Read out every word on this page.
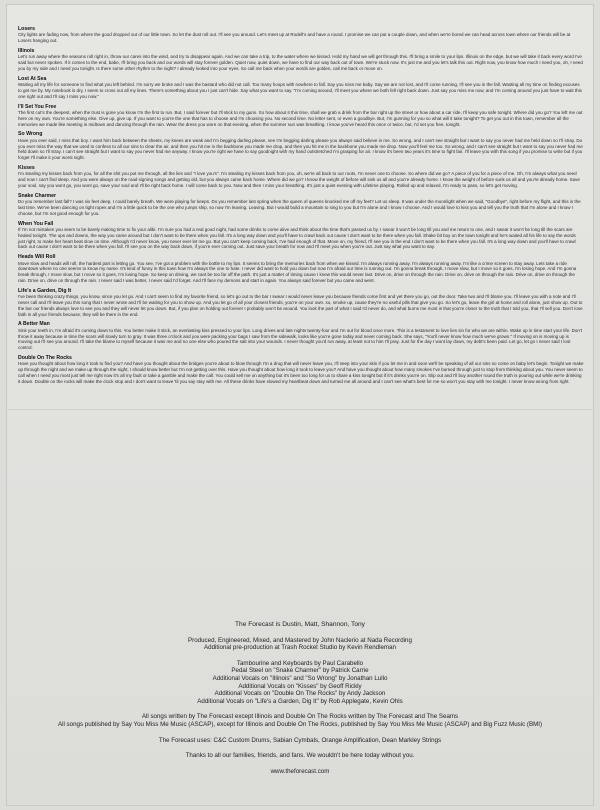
Losers

City lights are fading now, from where the good dropped out of our little town. So let the dust roll out. I'll see you around. Let's meet up at Rodell's and have a round. I promise we can put a couple down, and when we're bored we can head across town where our friends will be at Losers hanging out.

Illinois

Let's run away where the seasons roll right in, throw our cares into the wind, and try to disappear again. And we can take a trip, to the water where we kissed. Hold my hand we will get through this. I'll bring a smile to your lips. Illinois on the edge, but we will take it back every word I've said but never spoken. If it comes to the end, babe, I'll bring you back and our words will stay forever golden. Quiet now, quiet down, we have to find our way back out of town. We're stuck now. It's just me and you let's talk this out. Right now, you know how much I need you, oh, I need you by my side and I need you tonight. Is there some other rhythm to the night? I already looked into your eyes. So call me back when your words are golden, call me back or move on.

Lost At Sea

Waiting all my life for someone to find what you left behind. I'm sorry we broke and I was the bastard who did not call. Too many hoops with nowhere to fall. Say you miss me baby. Say we are not lost, and I'll come running, I'll see you in the fall. Wasting all my time on finding excuses to get me by. My notebook is dry, I seem to cross out all my lines. There's something about you I just can't hide. Say what you want to say. "I'm coming around, I'll meet you where we both fell right back down. Just say you miss me now, and I'm coming around you just have to wait this one right out and I'll say I miss you now."

I'll Set You Free

The first cut's the deepest, when the trust is gone you know I'm the first to run. But, I said forever but I'll stick to my guns. So how about it this time, shall we grab a drink from the bar right up the street or how about a car ride, I'll keep you safe tonight. Where did you go? You left me out here on my own. You're something else. Give up, give up. If you want to you're the one that has to choose and I'm choosing you. No second time. No letter sent, or even a goodbye. But, I'm gunning for you so what will it take tonight? To get you out in this town, remember all the memories we made like meeting in midtown and dancing through the rain. Wear the dress you wore on that evening, when the summer sun was breathing. I know you've heard this once or twice, but, I'd set you free, tonight.

So Wrong

Have you ever said, I miss that boy. I want him back between the sheets, my knees are weak and I'm begging darling please, see I'm begging darling please you always said believe in me. So wrong, and I can't see straight but I want to say you never had me held down so I'll stray. Do you ever miss the way that we used to confess to all our sins to clear the air, and then you hit me in the backbone you made me drop, and then you hit me in the backbone you made me drop. Now you'll feel me too. So wrong, and I can't see straight but I want to say you never had me held down so I'll stray. I can't see straight but I want to say you never had me anyway. I know you're right we have to say goodnight with my hand outstretched I'm grasping for air. I know it's been two years it's time to fight fair. I'll leave you with this song if you promise to write but if you forget I'll make it your worst night.

Kisses

I'm stealing my kisses back from you, for all the shit you put me through, all the lies and "I love you's". I'm stealing my kisses back from you, oh, we're all back to our roots, I'm never one to choose. So where did we go? A piece of you for a piece of me. Oh, I'm always what you need and now I can't find sleep. And you were always on the road signing songs and getting old, but you always came back home. Where did we go? I know the weight of before will sink us all and you're already home. I know the weight of before sunk us all and you're already home. Save your soul, say you wont go, you wont go, save your soul and I'll be right back home. I will come back to you. Now and then I miss your breathing. It's just a quiet evening with Lifetime playing. Rolled up and relaxed, I'm ready to pass, so let's get moving.

Snake Charmer

Do you remember last fall? I was six feet deep, I could barely breath. We were playing for keeps. Do you remember last spring when the queen of queens knocked me off my feet? Let us sleep. It was under the moonlight when we said, "Goodbye", right before my flight, and this is the last time. We've been dancing on tight ropes and I'm a little quick to be the one who jumps ship, so now I'm leaving. Leaving. But I would build a mountain to sing to you but I'm alone and I know I choose. And I would love to kiss you and tell you the truth that I'm alone and I know I choose, but I'm not good enough for you.

When You Fall

If I'm not mistaken you seem to be barely making time to fix your alibi. I'm sure you had a real good night, had some drinks to come alive and think about the time that's passed us by. I swear it won't be long till you and me return to one, and I swear it won't be long till the scars are healed tonight. The ups and downs, the way you came around but I don't want to be there when you fall. It's a long way down and you'll have to crawl back out cause I don't want to be there when you fall. Shake bit boy on the town tonight and he's waited all his life to say the words just right, to make her heart beat slow on time. Although I'd never know, you never ever let me go. But you can't keep coming back, I've had enough of that. Move on, my friend, I'll see you in the end I don't want to be there when you fall. It's a long way down and you'll have to crawl back out cause I don't want to be there when you fall. I'll see you on the way back down, if you're ever coming out. Just save your breath for now and I'll meet you when you're out. Just say what you want to say.

Heads Will Roll

Move slow and heads will roll, the hardest part is letting go. You see, I've got a problem with the bottle to my lips. It seems to bring the memories back from when we kissed. I'm always running away. I'm always running away. I'm like a crime screen to stay away. Lets take a ride downtown where no one seems to know my name. It's kind of funny in this town how I'm always the one to hate. I never did want to hold you down but now I'm afraid our time is running out. I'm gonna break through, I move slow, but I move so it goes, I'm losing hope. And I'm gonna break through, I move slow, but I move so it goes, I'm losing hope. So keep on driving, we cant be too far off the path. It's just a matter of timing cause I knew this would never last. Drive on, drive on through the rain. Drive on, drive on through the rain. Drive on, drive on through the rain. Drive on, drive on through the rain. I never said I was better, I never said I'd forget. And I'll face my demons and start in again. You always said forever but you came and went.

Life's a Garden, Dig It

I've been thinking crazy things, you know, since you let go. And I can't seem to find my favorite friend, so let's go out to the bar I swear I would never leave you because friends come first and yet there you go, out the door. Take two and I'll blame you. I'll leave you with a note and I'll never call and I'll leave you this song that I never wrote and I'll be waiting for you to show up. And you let go of all your closest friends, you're on your own. so, smoke up, cause they're no useful pills that give you go. So let's go, leave the girl at home and roll alone, just show up. Out to the bar our friends always love to see you and they will never let you down. But, if you plan on holding out forever I probably won't be around. You look the part of what I said I'd never do, and what burns me most is that you're closer to the truth that I told you, that I'll sell you. Don't lose faith in all your friends because, they will be there in the end.

A Better Man

Sink your teeth in, I'm afraid it's coming down to this. You better make it stick, an everlasting kiss pressed to your lips. Long drives and late nights twenty-four and I'm out for blood once more. This is a testament to love lies sin for who we are within. Wake up in time start your life. Don't throw it away because in time the scars will slowly turn to gray. It was three o'clock and you were packing your bags I saw from the sidewalk, looks like you're gone today and never coming back. She says, "You'll never know how much we've grown." If moving on is moving up is moving out I'll see you around. I'll take the blame to myself because it was me and no one else who poured the salt into your wounds. I never thought you'd run away, at least not to him I'll pray. Just for the day I wont lay down, my debt's been paid. Let go, let go I never said I lost control.

Double On The Rocks

Have you thought about how long it took to find you? And have you thought about the bridges you're about to blow through I'm a drug that will never leave you, I'll seep into your skin if you let me in and soon we'll be speaking of all our sins so come on baby let's begin. Tonight we make up through the night and we make up through the night, I should know better but I'm not getting over this. Have you thought about how long it took to leave you? And have you thought about how many smokes I've burned through just to stop from thinking about you. You never seem to call when I need you most just tell me right now it's all my fault or take a gamble and make the call. You could sell me on anything but it's been too long for us to share a kiss tonight but if it's drinks you're on. Slip out and I'll buy another round the truth is pouring out while we're drinking it down. Double on the rocks will make the clock stop and I don't want to leave 'til you say stay with me. All these drinks have slowed my heartbeat down and turned me all around and I can't see what's best for me so won't you stay with me tonight. I never know wrong from right.

The Forecast is Dustin, Matt, Shannon, Tony
Produced, Engineered, Mixed, and Mastered by John Naclerio at Nada Recording
Additional pre-production at Trash Rocket Studio by Kevin Rendleman
Tambourine and Keyboards by Paul Carabello
Pedal Steel on "Snake Charmer" by Patrick Carrie
Additional Vocals on "Illinois" and "So Wrong" by Jonathan Lullo
Additional Vocals on "Kisses" by Geoff Rickly
Additional Vocals on "Double On The Rocks" by Andy Jackson
Additional Vocals on "Life's a Garden, Dig It" by Rob Applegate, Kevin Ohls
All songs written by The Forecast except Illinois and Double On The Rocks written by The Forecast and The Seams
All songs published by Say You Miss Me Music (ASCAP), except for Illinois and Double On The Rocks, published by Say You Miss Me Music (ASCAP) and Big Fuzz Music (BMI)
The Forecast uses: C&C Custom Drums, Sabian Cymbals, Orange Amplification, Dean Markley Strings
Thanks to all our families, friends, and fans. We wouldn't be here today without you.
www.theforecast.com
